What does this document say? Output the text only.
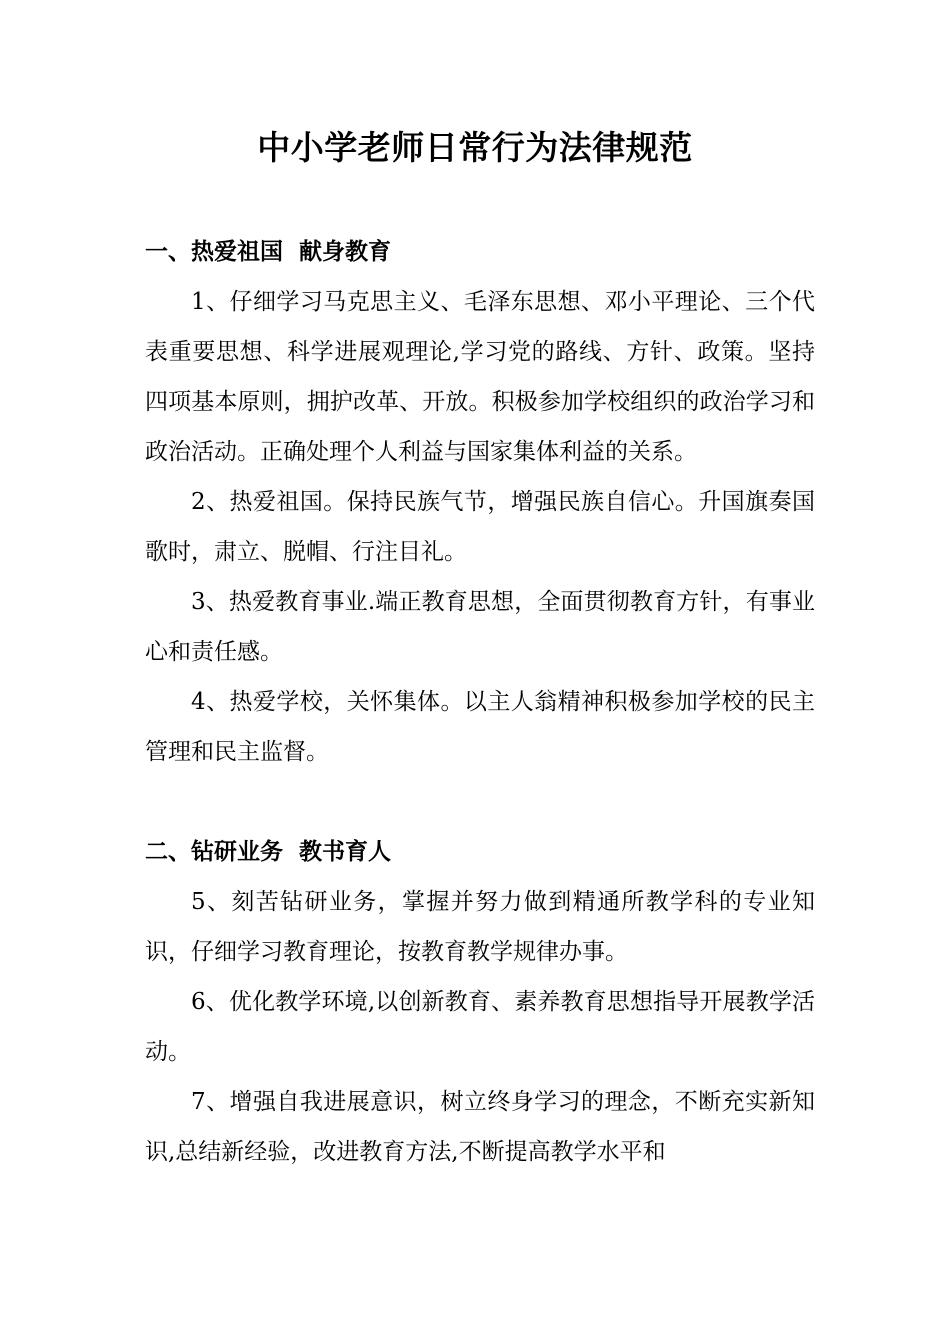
中小学老师日常行为法律规范
一、热爱祖国  献身教育

1、仔细学习马克思主义、毛泽东思想、邓小平理论、三个代表重要思想、科学进展观理论,学习党的路线、方针、政策。坚持四项基本原则，拥护改革、开放。积极参加学校组织的政治学习和政治活动。正确处理个人利益与国家集体利益的关系。

2、热爱祖国。保持民族气节，增强民族自信心。升国旗奏国歌时，肃立、脱帽、行注目礼。

3、热爱教育事业.端正教育思想，全面贯彻教育方针，有事业心和责任感。

4、热爱学校，关怀集体。以主人翁精神积极参加学校的民主管理和民主监督。

二、钻研业务  教书育人

5、刻苦钻研业务，掌握并努力做到精通所教学科的专业知识，仔细学习教育理论，按教育教学规律办事。

6、优化教学环境,以创新教育、素养教育思想指导开展教学活动。

7、增强自我进展意识，树立终身学习的理念，不断充实新知识,总结新经验，改进教育方法,不断提高教学水平和
